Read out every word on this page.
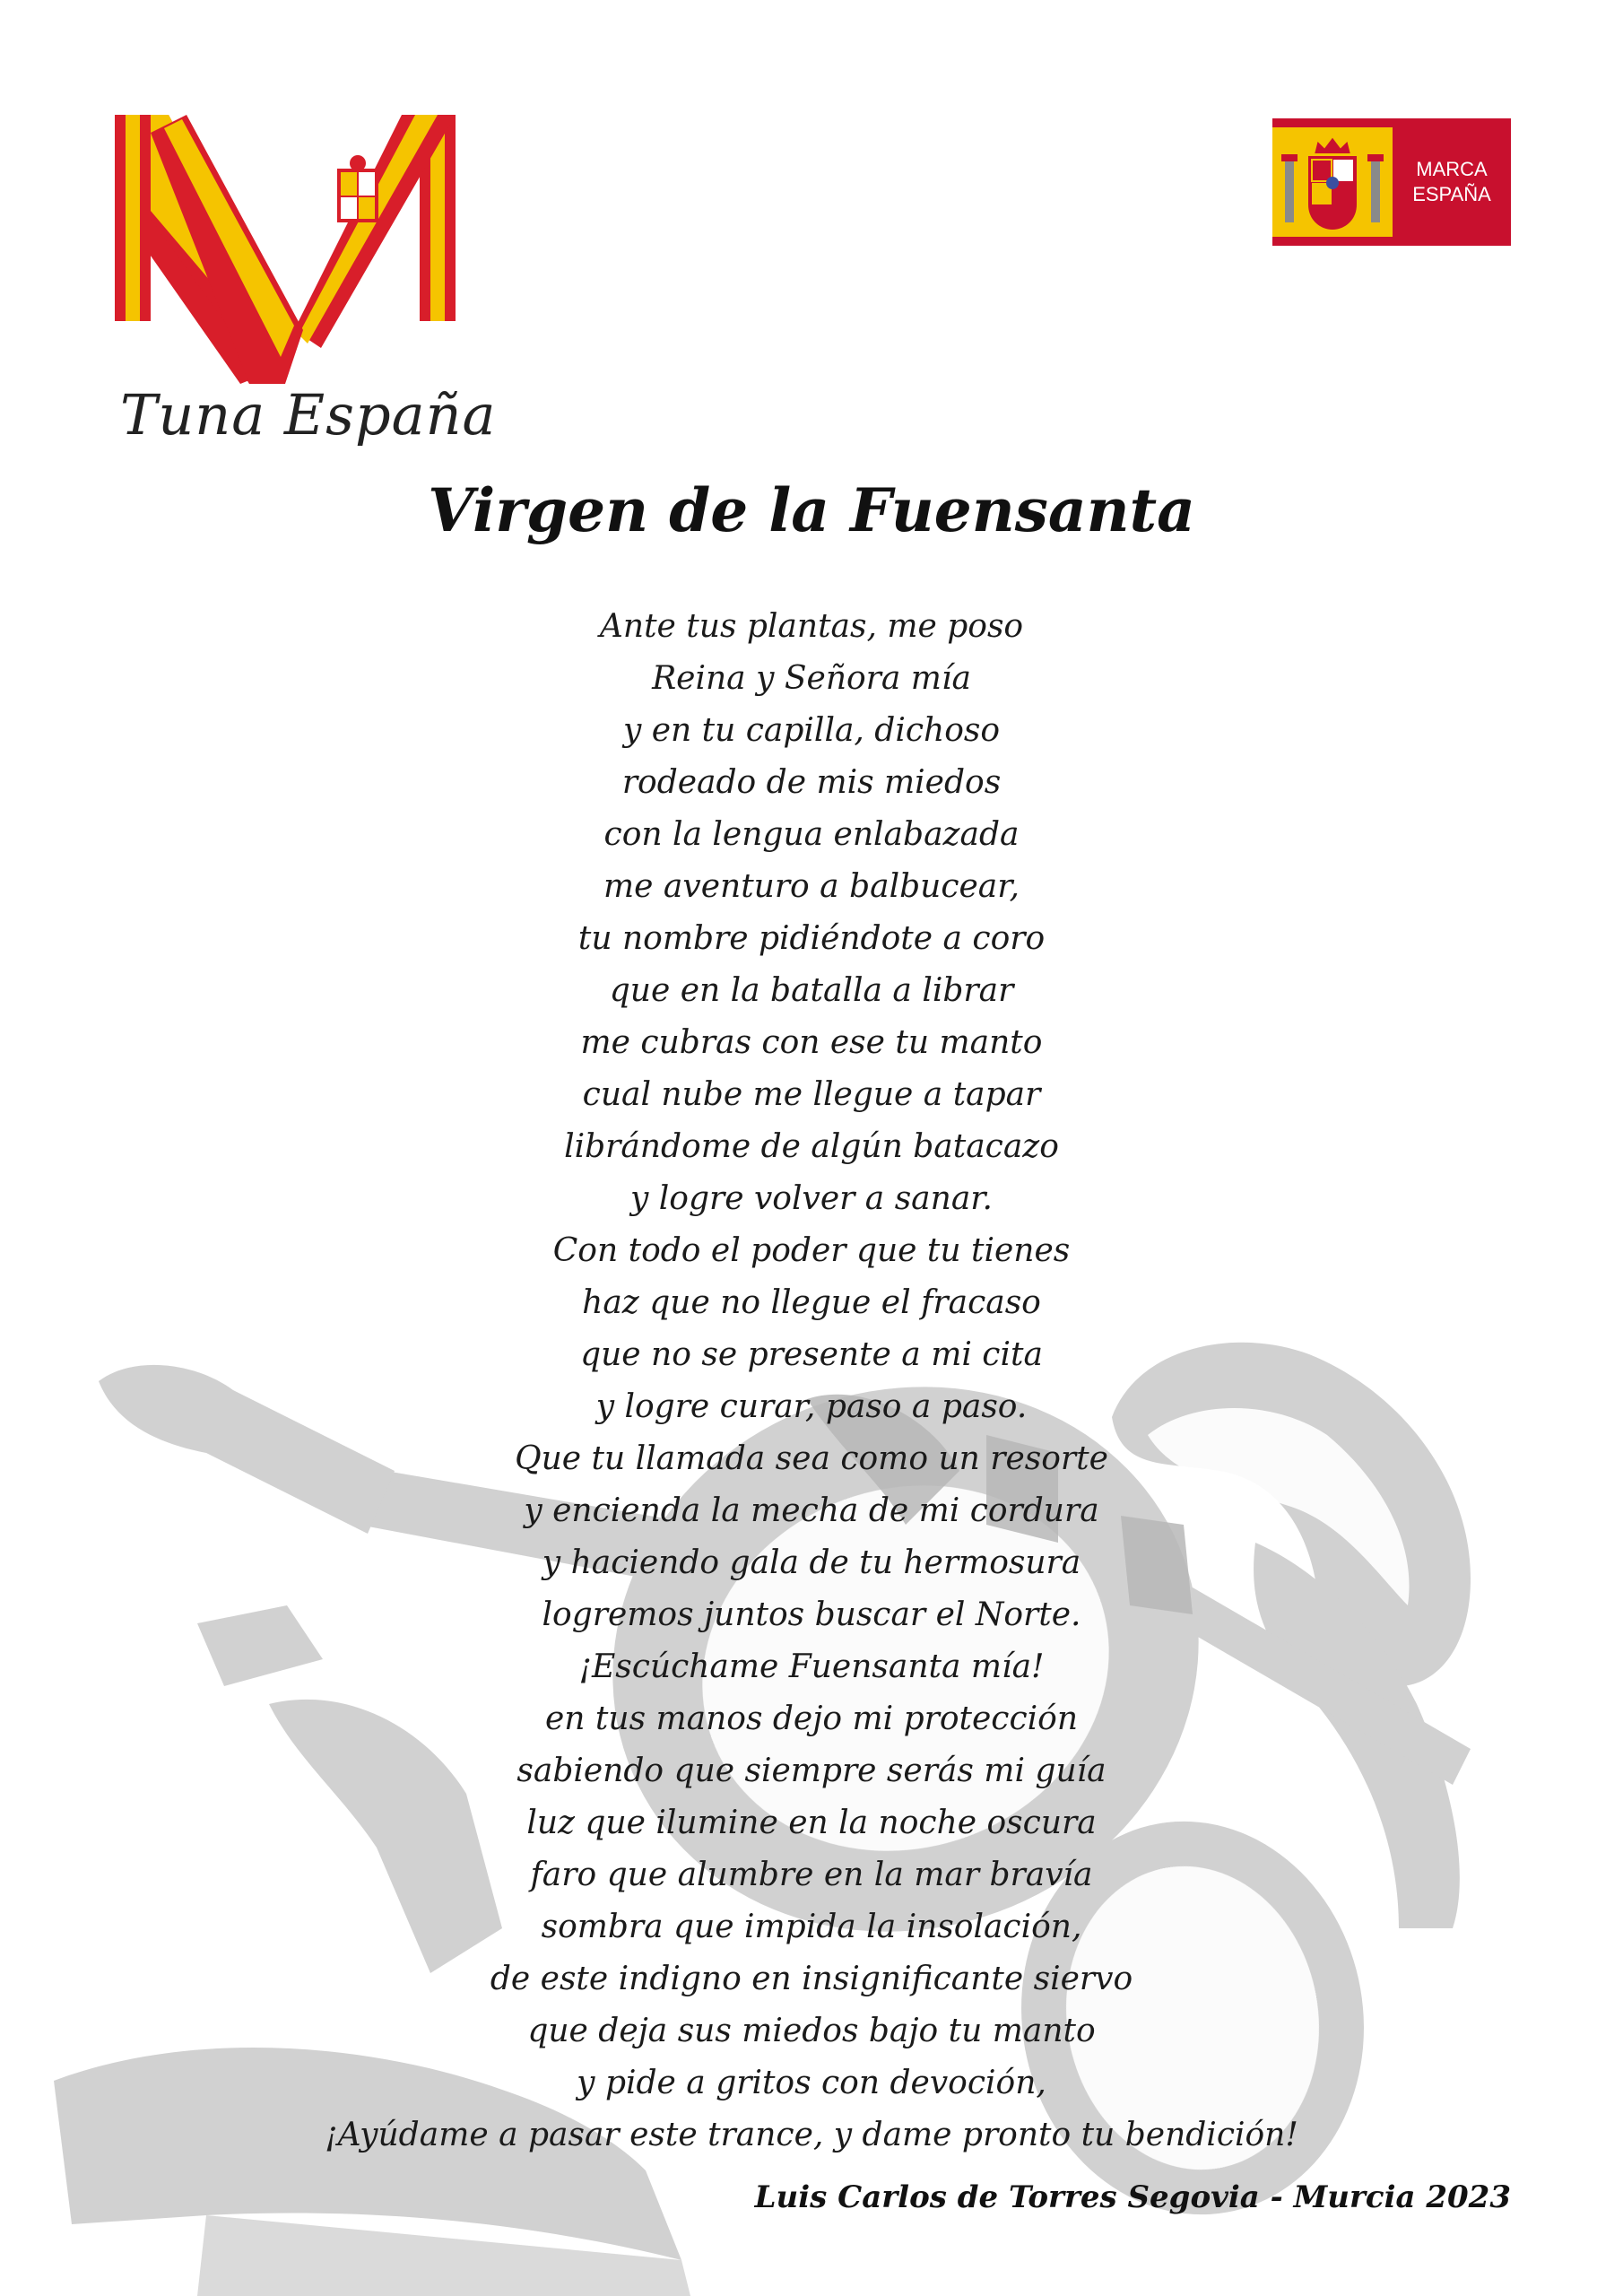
Tuna España
MARCA
ESPAÑA
Virgen de la Fuensanta
Ante tus plantas, me poso
Reina y Señora mía
y en tu capilla, dichoso
rodeado de mis miedos
con la lengua enlabazada
me aventuro a balbucear,
tu nombre pidiéndote a coro
que en la batalla a librar
me cubras con ese tu manto
cual nube me llegue a tapar
librándome de algún batacazo
y logre volver a sanar.
Con todo el poder que tu tienes
haz que no llegue el fracaso
que no se presente a mi cita
y logre curar, paso a paso.
Que tu llamada sea como un resorte
y encienda la mecha de mi cordura
y haciendo gala de tu hermosura
logremos juntos buscar el Norte.
¡Escúchame Fuensanta mía!
en tus manos dejo mi protección
sabiendo que siempre serás mi guía
luz que ilumine en la noche oscura
faro que alumbre en la mar bravía
sombra que impida la insolación,
de este indigno en insignificante siervo
que deja sus miedos bajo tu manto
y pide a gritos con devoción,
¡Ayúdame a pasar este trance, y dame pronto tu bendición!
Luis Carlos de Torres Segovia - Murcia 2023
